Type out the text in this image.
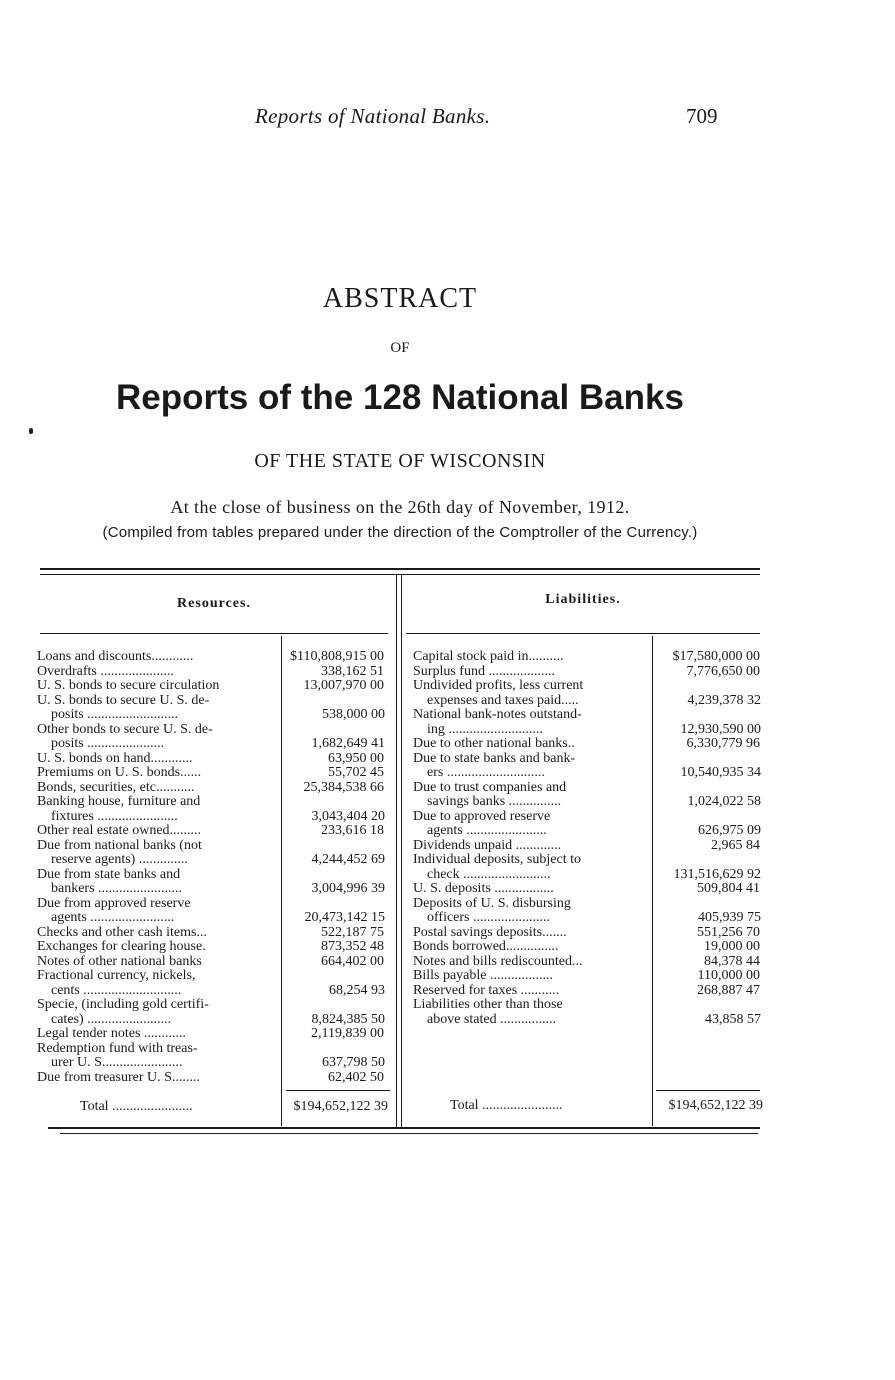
Reports of National Banks.	709
ABSTRACT
OF
Reports of the 128 National Banks
OF THE STATE OF WISCONSIN
At the close of business on the 26th day of November, 1912.
(Compiled from tables prepared under the direction of the Comptroller of the Currency.)
Resources.	Liabilities.
Loans and discounts............	$110,808,915 00
Overdrafts .....................	338,162 51
U. S. bonds to secure circulation	13,007,970 00
U. S. bonds to secure U. S. de-
posits ..........................	538,000 00
Other bonds to secure U. S. de-
posits ......................	1,682,649 41
U. S. bonds on hand............	63,950 00
Premiums on U. S. bonds......	55,702 45
Bonds, securities, etc...........	25,384,538 66
Banking house, furniture and
fixtures .......................	3,043,404 20
Other real estate owned.........	233,616 18
Due from national banks (not
reserve agents) ..............	4,244,452 69
Due from state banks and
bankers ........................	3,004,996 39
Due from approved reserve
agents ........................	20,473,142 15
Checks and other cash items...	522,187 75
Exchanges for clearing house.	873,352 48
Notes of other national banks	664,402 00
Fractional currency, nickels,
cents ............................	68,254 93
Specie, (including gold certifi-
cates) ........................	8,824,385 50
Legal tender notes ............	2,119,839 00
Redemption fund with treas-
urer U. S.......................	637,798 50
Due from treasurer U. S........	62,402 50
Capital stock paid in..........	$17,580,000 00
Surplus fund ...................	7,776,650 00
Undivided profits, less current
expenses and taxes paid.....	4,239,378 32
National bank-notes outstand-
ing ...........................	12,930,590 00
Due to other national banks..	6,330,779 96
Due to state banks and bank-
ers ............................	10,540,935 34
Due to trust companies and
savings banks ...............	1,024,022 58
Due to approved reserve
agents .......................	626,975 09
Dividends unpaid .............	2,965 84
Individual deposits, subject to
check .........................	131,516,629 92
U. S. deposits .................	509,804 41
Deposits of U. S. disbursing
officers ......................	405,939 75
Postal savings deposits.......	551,256 70
Bonds borrowed...............	19,000 00
Notes and bills rediscounted...	84,378 44
Bills payable ..................	110,000 00
Reserved for taxes ...........	268,887 47
Liabilities other than those
above stated ................	43,858 57
Total .......................	$194,652,122 39	Total .......................	$194,652,122 39
